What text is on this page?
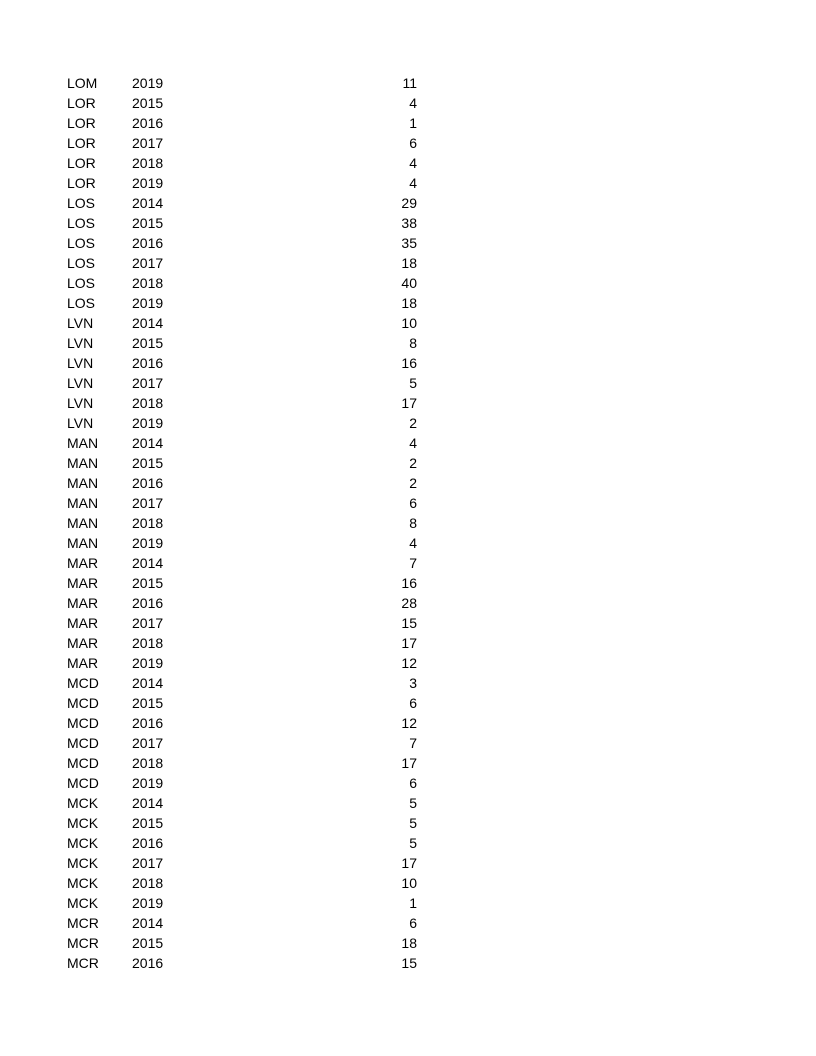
LOM 2019	11
LOR	2015	4
LOR	2016	1
LOR	2017	6
LOR	2018	4
LOR	2019	4
LOS	2014	29
LOS	2015	38
LOS	2016	35
LOS	2017	18
LOS	2018	40
LOS	2019	18
LVN	2014	10
LVN	2015	8
LVN	2016	16
LVN	2017	5
LVN	2018	17
LVN	2019	2
MAN 2014	4
MAN 2015	2
MAN 2016	2
MAN 2017	6
MAN 2018	8
MAN 2019	4
MAR 2014	7
MAR 2015	16
MAR 2016	28
MAR 2017	15
MAR 2018	17
MAR 2019	12
MCD 2014	3
MCD 2015	6
MCD 2016	12
MCD 2017	7
MCD 2018	17
MCD 2019	6
MCK 2014	5
MCK 2015	5
MCK 2016	5
MCK 2017	17
MCK 2018	10
MCK 2019	1
MCR 2014	6
MCR 2015	18
MCR 2016	15
